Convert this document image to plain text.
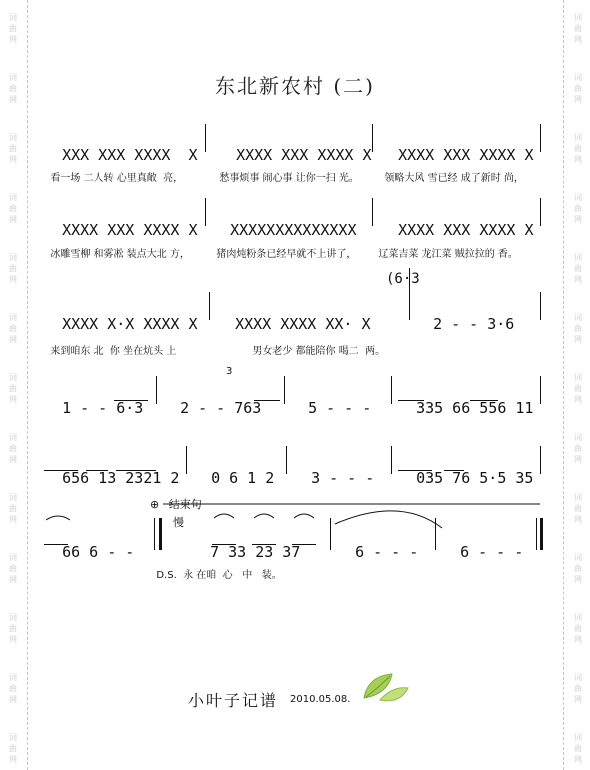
词
曲
网
词
曲
网
词
曲
网
词
曲
网
词
曲
网
词
曲
网
词
曲
网
词
曲
网
词
曲
网
词
曲
网
词
曲
网
词
曲
网
词
曲
网
词
曲
网
词
曲
网
词
曲
网
词
曲
网
词
曲
网
词
曲
网
词
曲
网
词
曲
网
词
曲
网
词
曲
网
词
曲
网
词
曲
网
词
曲
网
东北新农村 (二)

XXX XXX XXXX  X	XXXX XXX XXXX X	XXXX XXX XXXX X

看一场 二人转 心里真敞  亮，	愁事烦事 闹心事 让你一扫 光。	领略大风 雪已经 成了新时 尚，

XXXX XXX XXXX X	XXXXXXXXXXXXXX	XXXX XXX XXXX X

冰雕雪柳 和雾凇 装点大北 方，	猪肉炖粉条已经早就不上讲了，	辽菜吉菜 龙江菜 贼拉拉的 香。

(6·3

XXXX X·X XXXX X	XXXX XXXX XX· X	2 - - 3·6

来到咱东 北  你 坐在炕头 上	男女老少 都能陪你 喝二  两。

1 - - 6·3

3

2 - - 763	5 - - -	335 66 556 11

656 13 2321 2	0 6 1 2	3 - - -	035 76 5·5 35

⊕ 结束句
慢

66 6 - -	7 33 23 37	6 - - -	6 - - -

D.S.  永 在咱  心   中   装。

小叶子记谱 2010.05.08.
